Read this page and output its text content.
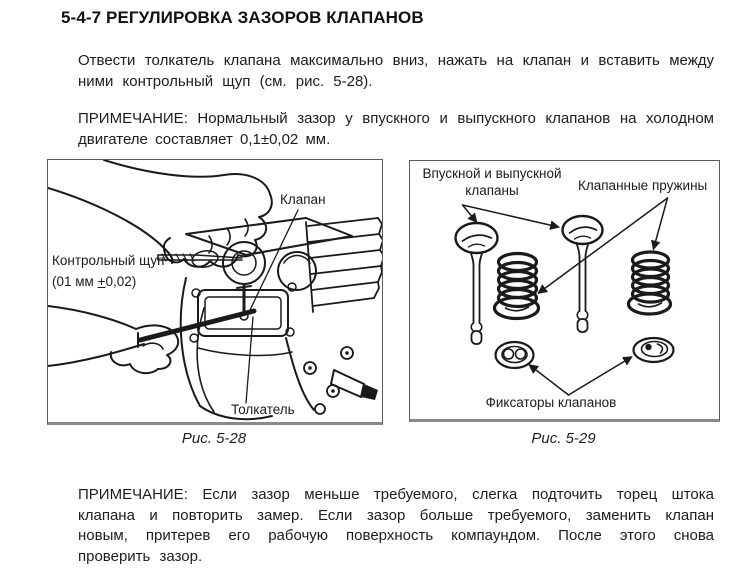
5-4-7 РЕГУЛИРОВКА ЗАЗОРОВ КЛАПАНОВ
Отвести толкатель клапана максимально вниз, нажать на клапан и вставить между ними контрольный щуп (см. рис. 5-28).
ПРИМЕЧАНИЕ: Нормальный зазор у впускного и выпускного клапанов на холодном двигателе составляет 0,1±0,02 мм.
Клапан
Контрольный щуп
(01 мм +0,02)
Толкатель
Впускной и выпускной
клапаны	Клапанные пружины
Фиксаторы клапанов
Рис. 5-28	Рис. 5-29
ПРИМЕЧАНИЕ: Если зазор меньше требуемого, слегка подточить торец штока клапана и повторить замер. Если зазор больше требуемого, заменить клапан новым, притерев его рабочую поверхность компаундом. После этого снова проверить зазор.
